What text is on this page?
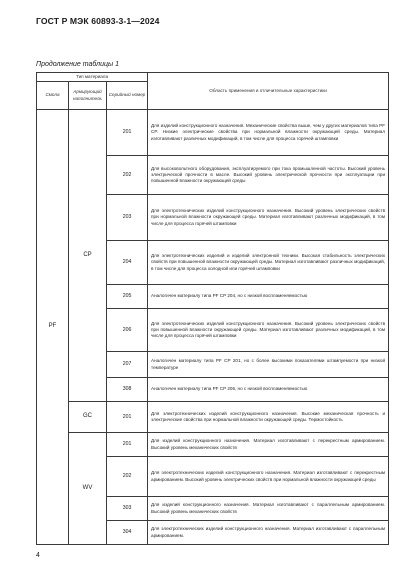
ГОСТ Р МЭК 60893-3-1—2024
Продолжение таблицы 1
Тип материала			Область применения и отличительные характеристики
Смола	Армирующий наполнитель	Серийный номер	
PF	CP	201	Для изделий конструкционного назначения. Механические свойства выше, чем у других материалов типа PF CP. Низкие электрические свойства при нормальной влажности окружающей среды. Материал изготавливают различных модификаций, в том числе для процесса горячей штамповки
		202	Для высоковольтного оборудования, эксплуатируемого при тока промышленной частоты. Высокий уровень электрической прочности в масле. Высокий уровень электрической прочности при эксплуатации при повышенной влажности окружающей среды
		203	Для электротехнических изделий конструкционного назначения. Высокий уровень электрических свойств при нормальной влажности окружающей среды. Материал изготавливают различных модификаций, в том числе для процесса горячей штамповки
		204	Для электротехнических изделий и изделий электронной техники. Высокая стабильность электрических свойств при повышенной влажности окружающей среды. Материал изготавливают различных модификаций, в том числе для процесса холодной или горячей штамповки
		205	Аналогичен материалу типа PF CP 204, но с низкой воспламеняемостью
		206	Для электротехнических изделий конструкционного назначения. Высокий уровень электрических свойств при повышенной влажности окружающей среды. Материал изготавливают различных модификаций, в том числе для процесса горячей штамповки
		207	Аналогичен материалу типа PF CP 201, но с более высокими показателями штампуемости при низкой температуре
		308	Аналогичен материалу типа PF CP 206, но с низкой воспламеняемостью
	GC	201	Для электротехнических изделий конструкционного назначения. Высокие механическая прочность и электрические свойства при нормальной влажности окружающей среды. Термостойкость
	WV	201	Для изделий конструкционного назначения. Материал изготавливают с перекрестным армированием. Высокий уровень механических свойств
		202	Для электротехнических изделий конструкционного назначения. Материал изготавливают с перекрестным армированием. Высокий уровень электрических свойств при нормальной влажности окружающей среды
		303	Для изделий конструкционного назначения. Материал изготавливают с параллельным армированием. Высокий уровень механических свойств
		304	Для электротехнических изделий конструкционного назначения. Материал изготавливают с параллельным армированием.
4
